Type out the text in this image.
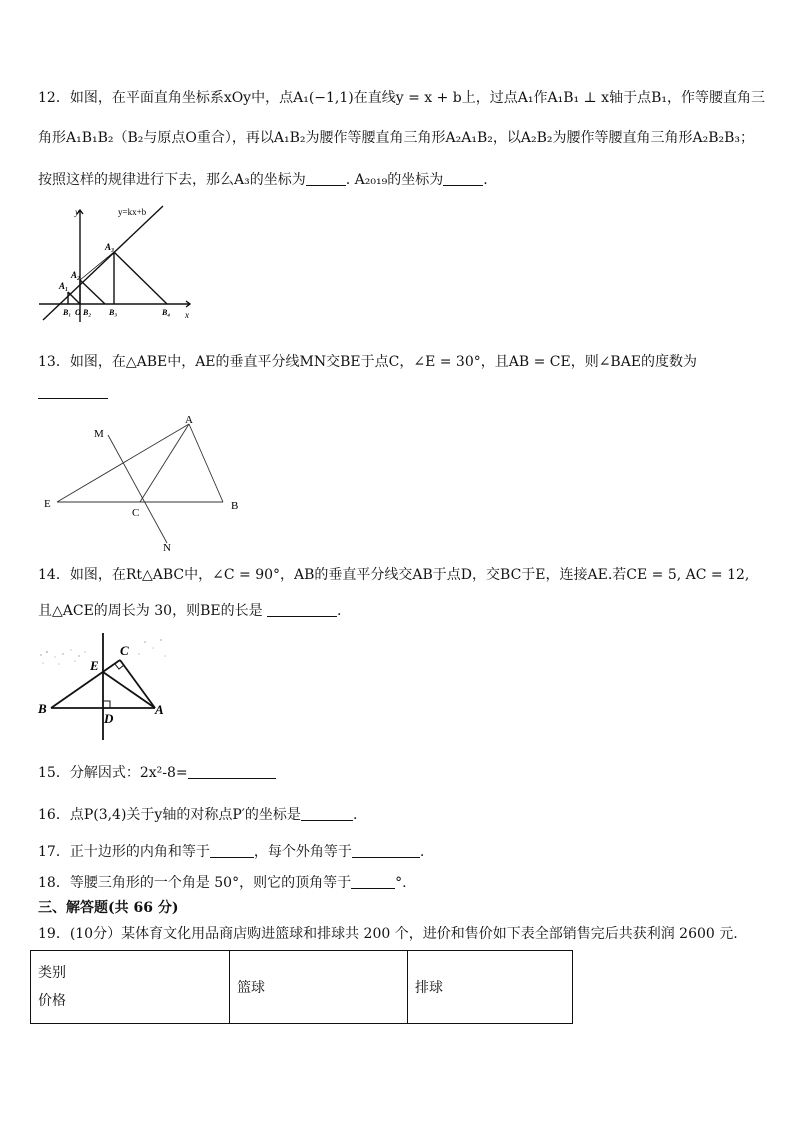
12．如图，在平面直角坐标系xOy中，点A₁(−1,1)在直线y = x + b上，过点A₁作A₁B₁ ⊥ x轴于点B₁，作等腰直角三
角形A₁B₁B₂（B₂与原点O重合），再以A₁B₂为腰作等腰直角三角形A₂A₁B₂，以A₂B₂为腰作等腰直角三角形A₂B₂B₃；
按照这样的规律进行下去，那么A₃的坐标为	. A₂₀₁₉的坐标为	.
y=kx+b
y
x
A₁
A₂
A₃
B₁ O B₂ B₃	B₄
13．如图，在△ABE中，AE的垂直平分线MN交BE于点C，∠E = 30°，且AB = CE，则∠BAE的度数为
M
A
E
C
B
N
14．如图，在Rt△ABC中，∠C = 90°，AB的垂直平分线交AB于点D，交BC于E，连接AE.若CE = 5, AC = 12,
且△ACE的周长为 30，则BE的长是	.
C
E
B
D
A
15．分解因式：2x²-8=
16．点P(3,4)关于y轴的对称点P′的坐标是	.
17．正十边形的内角和等于	，每个外角等于	.
18．等腰三角形的一个角是 50°，则它的顶角等于	°.
三、解答题(共 66 分)
19．(10分）某体育文化用品商店购进篮球和排球共 200 个，进价和售价如下表全部销售完后共获利润 2600 元.
类别
价格
	篮球	排球
